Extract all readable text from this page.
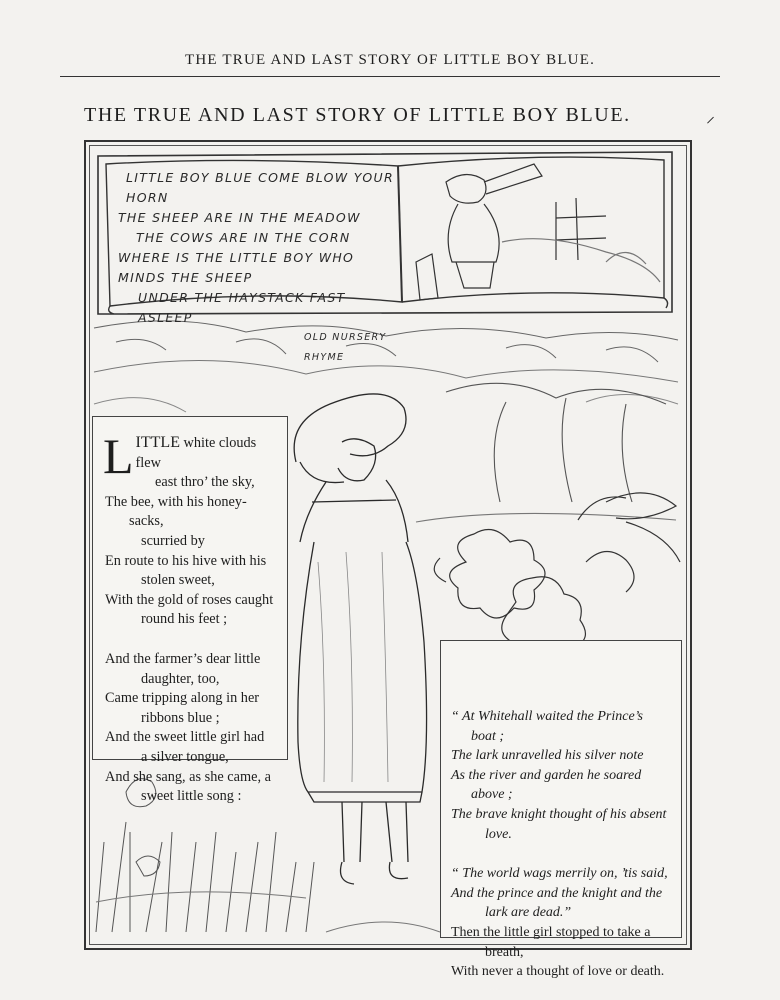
THE TRUE AND LAST STORY OF LITTLE BOY BLUE.
THE TRUE AND LAST STORY OF LITTLE BOY BLUE.	⸝
LITTLE BOY BLUE COME BLOW YOUR HORN
THE SHEEP ARE IN THE MEADOW
THE COWS ARE IN THE CORN
WHERE IS THE LITTLE BOY WHO MINDS THE SHEEP
UNDER THE HAYSTACK FAST ASLEEP
OLD NURSERY RHYME
L ITTLE white clouds flew
east thro’ the sky,
The bee, with his honey-sacks,
scurried by
En route to his hive with his
stolen sweet,
With the gold of roses caught
round his feet ;
And the farmer’s dear little
daughter, too,
Came tripping along in her
ribbons blue ;
And the sweet little girl had
a silver tongue,
And she sang, as she came, a
sweet little song :
“ At Whitehall waited the Prince’s boat ;
The lark unravelled his silver note
As the river and garden he soared above ;
The brave knight thought of his absent
love.
“ The world wags merrily on, ’tis said,
And the prince and the knight and the
lark are dead.”
Then the little girl stopped to take a
breath,
With never a thought of love or death.
